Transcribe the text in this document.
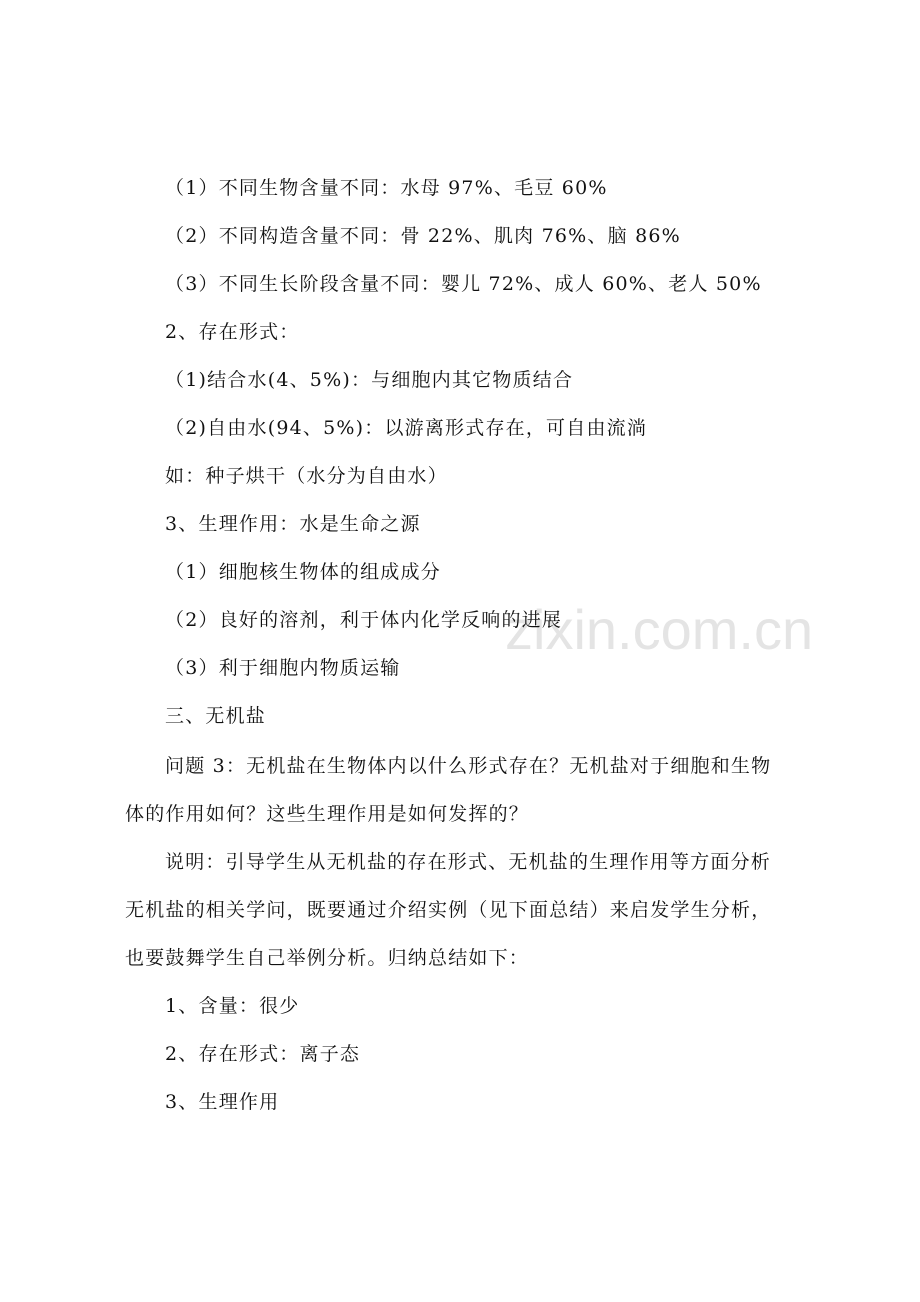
zixin.com.cn
（1）不同生物含量不同：水母 97%、毛豆 60%
（2）不同构造含量不同：骨 22%、肌肉 76%、脑 86%
（3）不同生长阶段含量不同：婴儿 72%、成人 60%、老人 50%
2、存在形式：
（1)结合水(4、5%)：与细胞内其它物质结合
（2)自由水(94、5%)：以游离形式存在，可自由流淌
如：种子烘干（水分为自由水）
3、生理作用：水是生命之源
（1）细胞核生物体的组成成分
（2）良好的溶剂，利于体内化学反响的进展
（3）利于细胞内物质运输
三、无机盐
问题 3：无机盐在生物体内以什么形式存在？无机盐对于细胞和生物
体的作用如何？这些生理作用是如何发挥的？
说明：引导学生从无机盐的存在形式、无机盐的生理作用等方面分析
无机盐的相关学问，既要通过介绍实例（见下面总结）来启发学生分析，
也要鼓舞学生自己举例分析。归纳总结如下：
1、含量：很少
2、存在形式：离子态
3、生理作用
